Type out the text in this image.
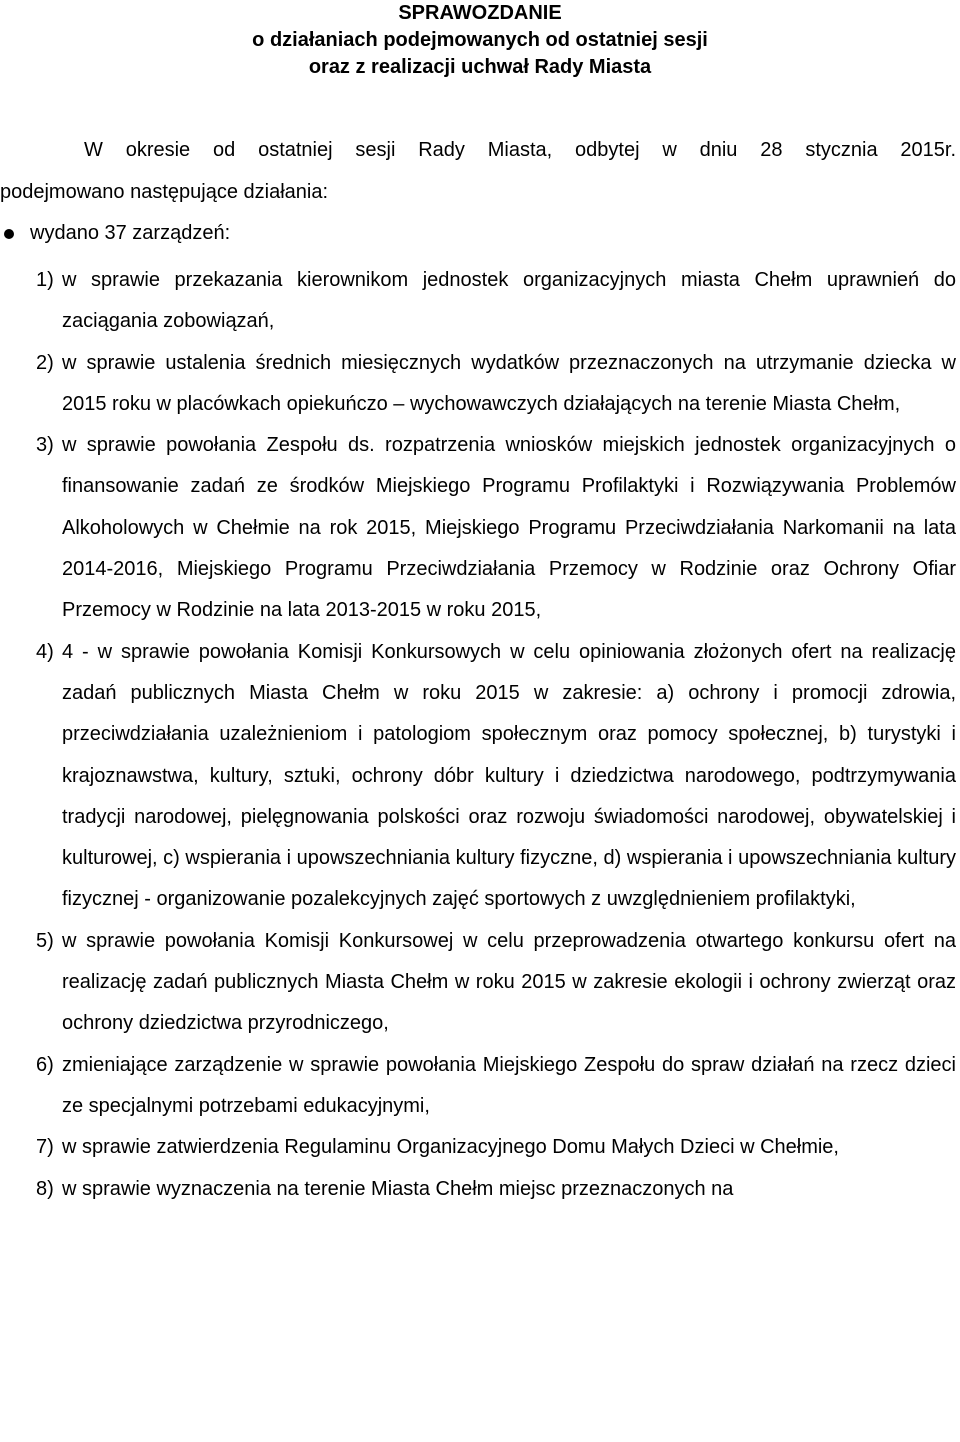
SPRAWOZDANIE
o działaniach podejmowanych od ostatniej sesji
oraz z realizacji uchwał Rady Miasta
W okresie od ostatniej sesji Rady Miasta, odbytej w dniu 28 stycznia 2015r.
podejmowano następujące działania:
wydano 37 zarządzeń:
1) w sprawie przekazania kierownikom jednostek organizacyjnych miasta Chełm uprawnień do zaciągania zobowiązań,
2) w sprawie ustalenia średnich miesięcznych wydatków przeznaczonych na utrzymanie dziecka w 2015 roku w placówkach opiekuńczo – wychowawczych działających na terenie Miasta Chełm,
3) w sprawie powołania Zespołu ds. rozpatrzenia wniosków miejskich jednostek organizacyjnych o finansowanie zadań ze środków Miejskiego Programu Profilaktyki i Rozwiązywania Problemów Alkoholowych w Chełmie na rok 2015, Miejskiego Programu Przeciwdziałania Narkomanii na lata 2014-2016, Miejskiego Programu Przeciwdziałania Przemocy w Rodzinie oraz Ochrony Ofiar Przemocy w Rodzinie na lata 2013-2015 w roku 2015,
4) 4 - w sprawie powołania Komisji Konkursowych w celu opiniowania złożonych ofert na realizację zadań publicznych Miasta Chełm w roku 2015 w zakresie: a) ochrony i promocji zdrowia, przeciwdziałania uzależnieniom i patologiom społecznym oraz pomocy społecznej, b) turystyki i krajoznawstwa, kultury, sztuki, ochrony dóbr kultury i dziedzictwa narodowego, podtrzymywania tradycji narodowej, pielęgnowania polskości oraz rozwoju świadomości narodowej, obywatelskiej i kulturowej, c) wspierania i upowszechniania kultury fizyczne, d) wspierania i upowszechniania kultury fizycznej - organizowanie pozalekcyjnych zajęć sportowych z uwzględnieniem profilaktyki,
5) w sprawie powołania Komisji Konkursowej w celu przeprowadzenia otwartego konkursu ofert na realizację zadań publicznych Miasta Chełm w roku 2015 w zakresie ekologii i ochrony zwierząt oraz ochrony dziedzictwa przyrodniczego,
6) zmieniające zarządzenie w sprawie powołania Miejskiego Zespołu do spraw działań na rzecz dzieci ze specjalnymi potrzebami edukacyjnymi,
7) w sprawie zatwierdzenia Regulaminu Organizacyjnego Domu Małych Dzieci w Chełmie,
8) w sprawie wyznaczenia na terenie Miasta Chełm miejsc przeznaczonych na
